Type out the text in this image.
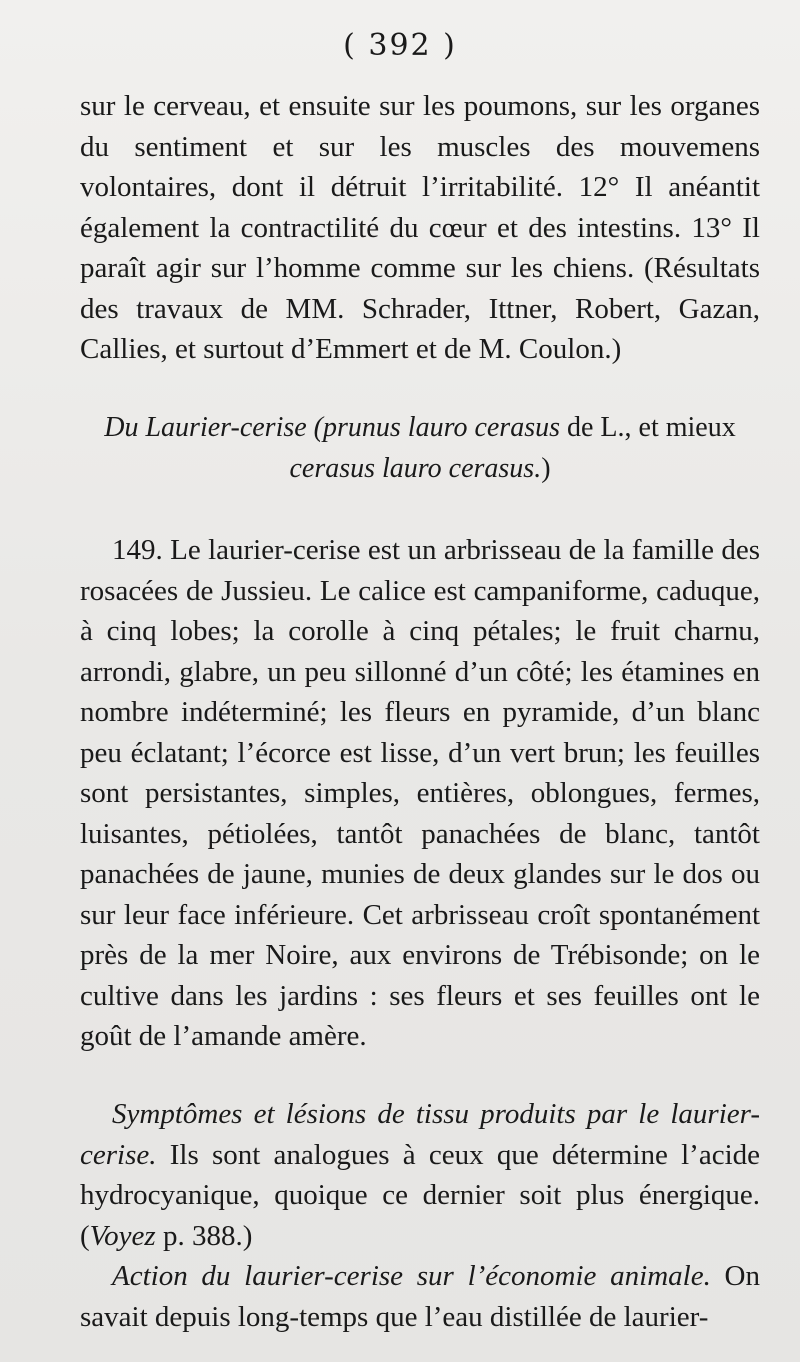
( 392 )

sur le cerveau, et ensuite sur les poumons, sur les organes du sentiment et sur les muscles des mouvemens volontaires, dont il détruit l’irritabilité. 12° Il anéantit également la contractilité du cœur et des intestins. 13° Il paraît agir sur l’homme comme sur les chiens. (Résultats des travaux de MM. Schrader, Ittner, Robert, Gazan, Callies, et surtout d’Emmert et de M. Coulon.)

Du Laurier-cerise (prunus lauro cerasus de L., et mieux
cerasus lauro cerasus.)

149. Le laurier-cerise est un arbrisseau de la famille des rosacées de Jussieu. Le calice est campaniforme, caduque, à cinq lobes; la corolle à cinq pétales; le fruit charnu, arrondi, glabre, un peu sillonné d’un côté; les étamines en nombre indéterminé; les fleurs en pyramide, d’un blanc peu éclatant; l’écorce est lisse, d’un vert brun; les feuilles sont persistantes, simples, entières, oblongues, fermes, luisantes, pétiolées, tantôt panachées de blanc, tantôt panachées de jaune, munies de deux glandes sur le dos ou sur leur face inférieure. Cet arbrisseau croît spontanément près de la mer Noire, aux environs de Trébisonde; on le cultive dans les jardins : ses fleurs et ses feuilles ont le goût de l’amande amère.

Symptômes et lésions de tissu produits par le laurier-cerise. Ils sont analogues à ceux que détermine l’acide hydrocyanique, quoique ce dernier soit plus énergique. (Voyez p. 388.)

Action du laurier-cerise sur l’économie animale. On savait depuis long-temps que l’eau distillée de laurier-
